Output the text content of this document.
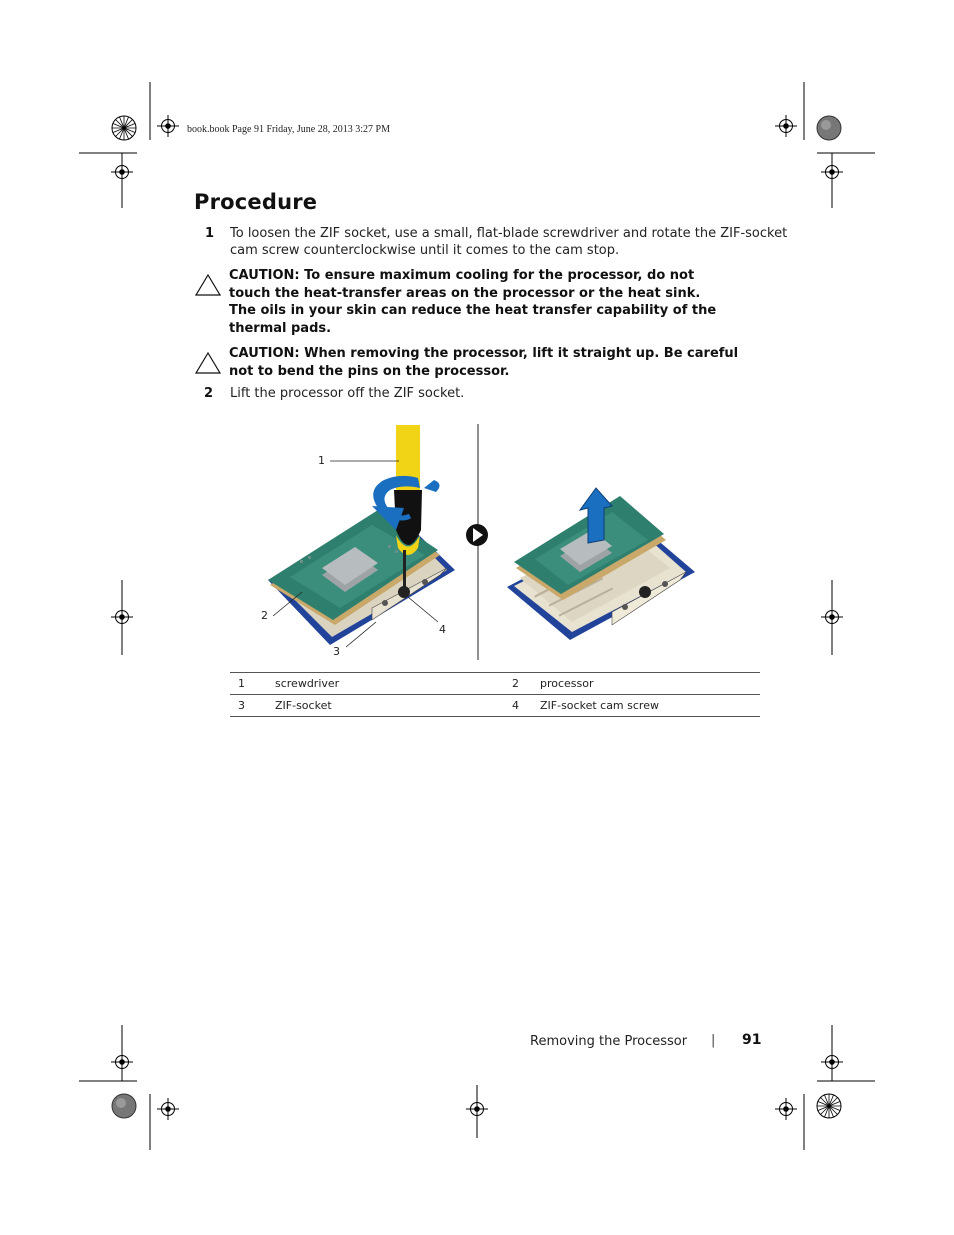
book.book Page 91 Friday, June 28, 2013 3:27 PM
Procedure
1 To loosen the ZIF socket, use a small, flat-blade screwdriver and rotate the ZIF-socket
cam screw counterclockwise until it comes to the cam stop.
CAUTION: To ensure maximum cooling for the processor, do not
touch the heat-transfer areas on the processor or the heat sink.
The oils in your skin can reduce the heat transfer capability of the
thermal pads.
CAUTION: When removing the processor, lift it straight up. Be careful
not to bend the pins on the processor.
2 Lift the processor off the ZIF socket.
1
2
3
4
1	screwdriver	2	processor
3	ZIF-socket	4	ZIF-socket cam screw
Removing the Processor | 91
